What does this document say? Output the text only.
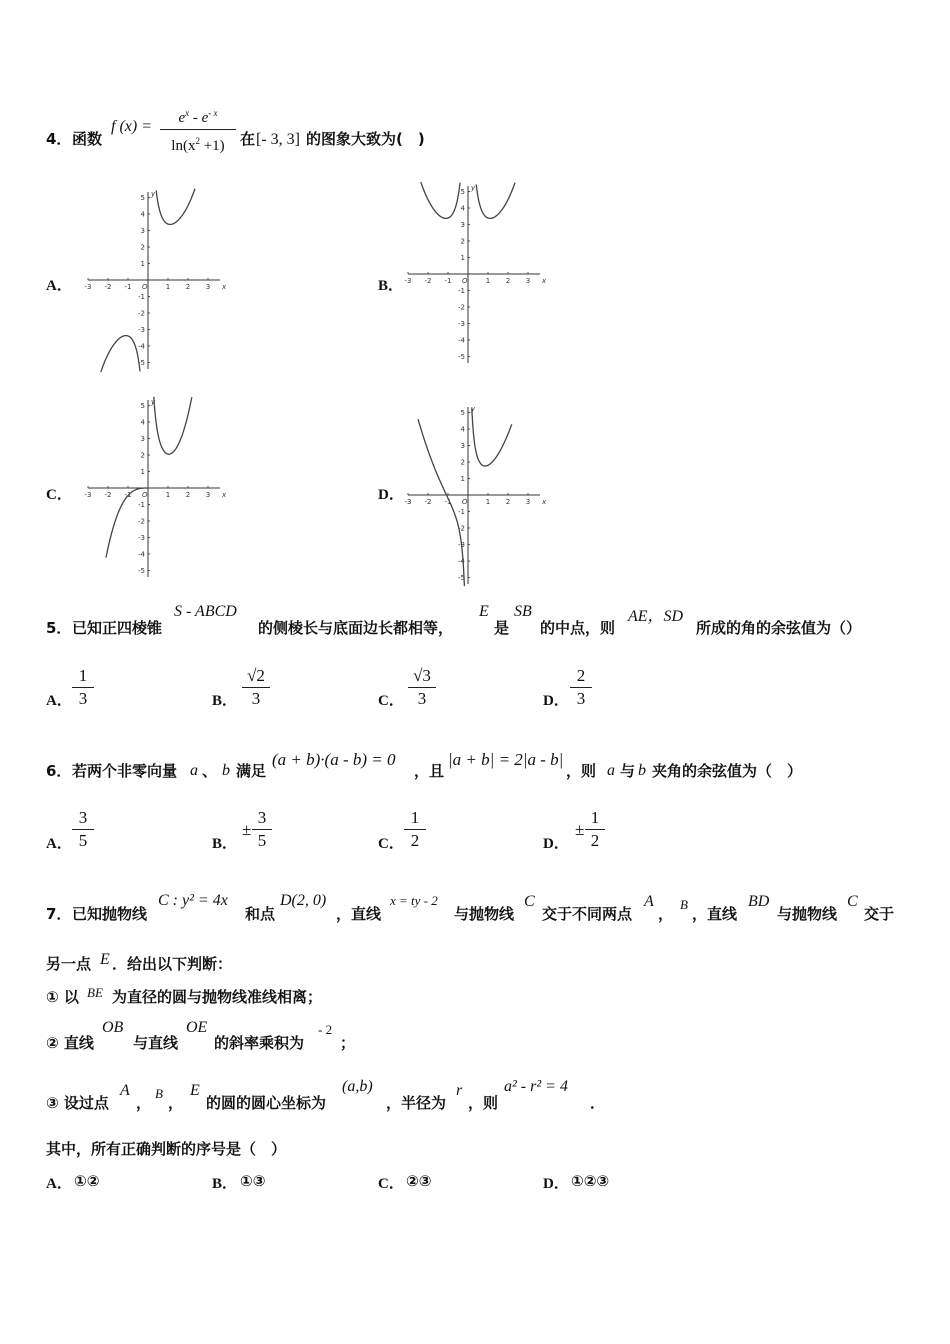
4． 函数
f (x) =	$e^x - e^{- x}$
$\ln(x^2 +1)$	在 [- 3, 3] 的图象大致为(　)
A．	B．
C．	D．
-3 -2 -1	1 2 3
O	x
y
5
4
3
2
1
-1
-2
-3
-4
-5
-3 -2 -1	1 2 3
O	x
y
5
4
3
2
1
-1
-2
-3
-4
-5
-3 -2 -1	1 2 3
O	x
y
5
4
3
2
1
-1
-2
-3
-4
-5
-3 -2 -1	1 2 3
O	x
y
5
4
3
2
1
-1
-2
-3
-4
-5
5． 已知正四棱锥
S - ABCD
的侧棱长与底面边长都相等，
E
是
SB
的中点，则
AE，SD
所成的角的余弦值为（）
A．
1
3	B．
√2
3	C．
√3
3	D．
2
3
6． 若两个非零向量 a 、 b 满足
(a + b)·(a - b) = 0
，且
|a + b| = 2|a - b|
，则 a 与 b 夹角的余弦值为（　）
A．
3
5	B．
±
3
5	C．
1
2	D．
±
1
2
7． 已知抛物线
C : y² = 4x
和点
D(2, 0)
，直线
x = ty - 2
与抛物线
C
交于不同两点
A
，
B
，直线
BD
与抛物线
C
交于
另一点 E ．给出以下判断：
① 以 BE 为直径的圆与抛物线准线相离；
② 直线
OB
与直线
OE
的斜率乘积为
- 2
；
③ 设过点
A
，
B
，
E
的圆的圆心坐标为
(a,b)
，半径为
r
，则
a² - r² = 4
．
其中，所有正确判断的序号是（　）
A． ①②	B． ①③	C． ②③	D． ①②③
